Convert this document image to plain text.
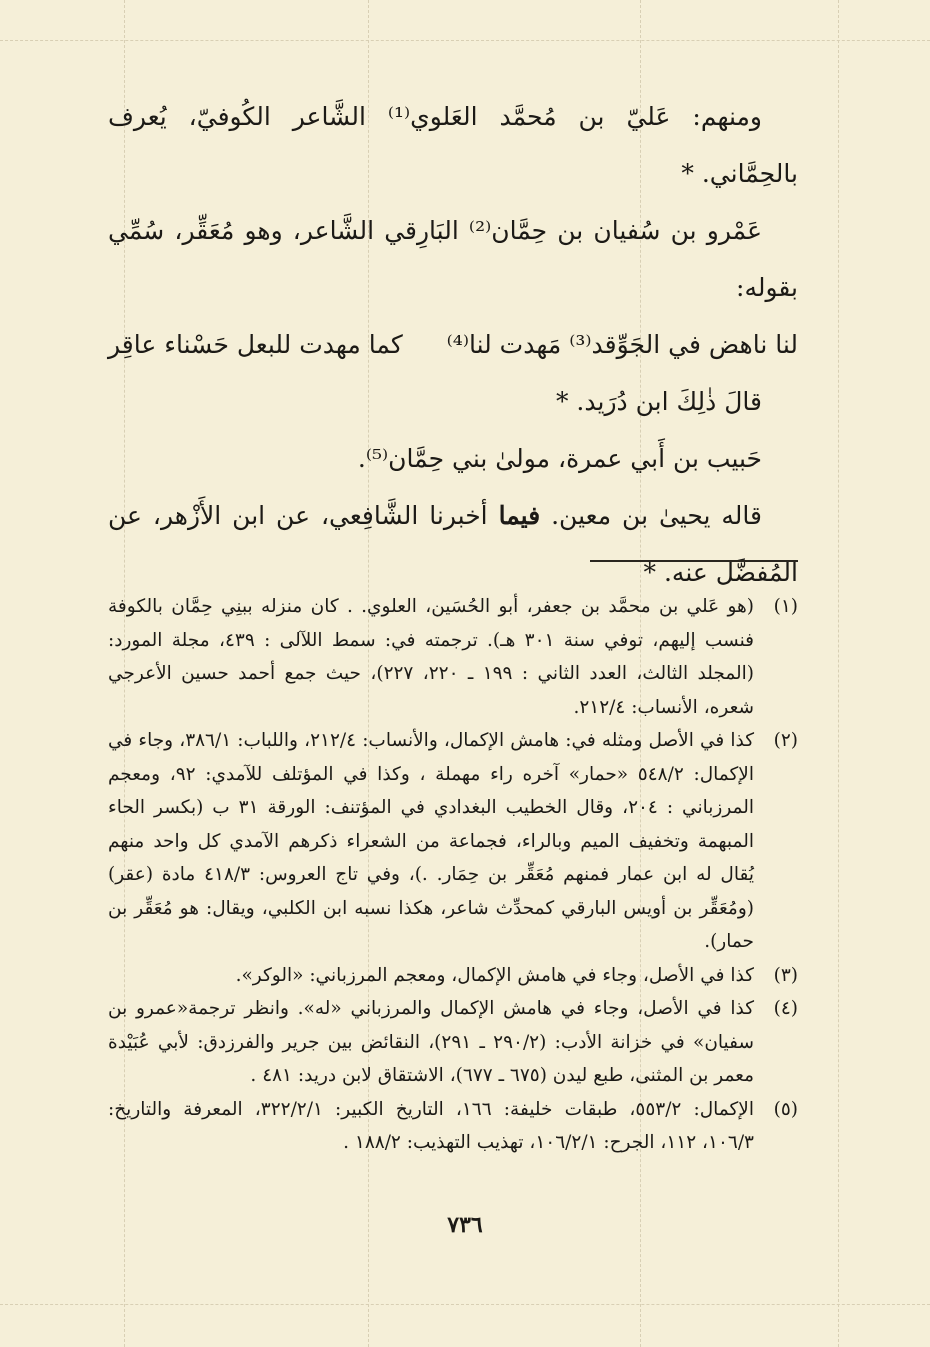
ومنهم: عَليّ بن مُحمَّد العَلوي⁽¹⁾ الشَّاعر الكُوفيّ، يُعرف بالحِمَّاني. *

عَمْرو بن سُفيان بن حِمَّان⁽²⁾ البَارِقي الشَّاعر، وهو مُعَقِّر، سُمِّي بقوله:

لنا ناهض في الجَوِّقد⁽³⁾ مَهدت لنا⁽⁴⁾
كما مهدت للبعل حَسْناء عاقِر

قالَ ذٰلِكَ ابن دُرَيد. *

حَبيب بن أَبي عمرة، مولىٰ بني حِمَّان⁽⁵⁾.

قاله يحيىٰ بن معين. فيما أخبرنا الشَّافِعي، عن ابن الأَزْهر، عن المُفضَّل عنه. *

(١)
(هو عَلي بن محمَّد بن جعفر، أبو الحُسَين، العلوي. . كان منزله ببنِي حِمَّان بالكوفة فنسب إليهم، توفي سنة ٣٠١ هـ). ترجمته في: سمط اللآلى : ٤٣٩، مجلة المورد: (المجلد الثالث، العدد الثاني : ١٩٩ ـ ٢٢٠، ٢٢٧)، حيث جمع أحمد حسين الأعرجي شعره، الأنساب: ٢١٢/٤.
(٢)
كذا في الأصل ومثله في: هامش الإكمال، والأنساب: ٢١٢/٤، واللباب: ٣٨٦/١، وجاء في الإكمال: ٥٤٨/٢ «حمار» آخره راء مهملة ، وكذا في المؤتلف للآمدي: ٩٢، ومعجم المرزباني : ٢٠٤، وقال الخطيب البغدادي في المؤتنف: الورقة ٣١ ب (بكسر الحاء المبهمة وتخفيف الميم وبالراء، فجماعة من الشعراء ذكرهم الآمدي كل واحد منهم يُقال له ابن عمار فمنهم مُعَقِّر بن حِمَار. .)، وفي تاج العروس: ٤١٨/٣ مادة (عقر) (ومُعَقِّر بن أويس البارقي كمحدِّث شاعر، هكذا نسبه ابن الكلبي، ويقال: هو مُعَقِّر بن حمار).
(٣)
كذا في الأصل، وجاء في هامش الإكمال، ومعجم المرزباني: «الوكر».
(٤)
كذا في الأصل، وجاء في هامش الإكمال والمرزباني «له». وانظر ترجمة«عمرو بن سفيان» في خزانة الأدب: (٢٩٠/٢ ـ ٢٩١)، النقائض بين جرير والفرزدق: لأبي عُبَيْدة معمر بن المثنى، طبع ليدن (٦٧٥ ـ ٦٧٧)، الاشتقاق لابن دريد: ٤٨١ .
(٥)
الإكمال: ٥٥٣/٢، طبقات خليفة: ١٦٦، التاريخ الكبير: ٣٢٢/٢/١، المعرفة والتاريخ: ١٠٦/٣، ١١٢، الجرح: ١٠٦/٢/١، تهذيب التهذيب: ١٨٨/٢ .
٧٣٦
